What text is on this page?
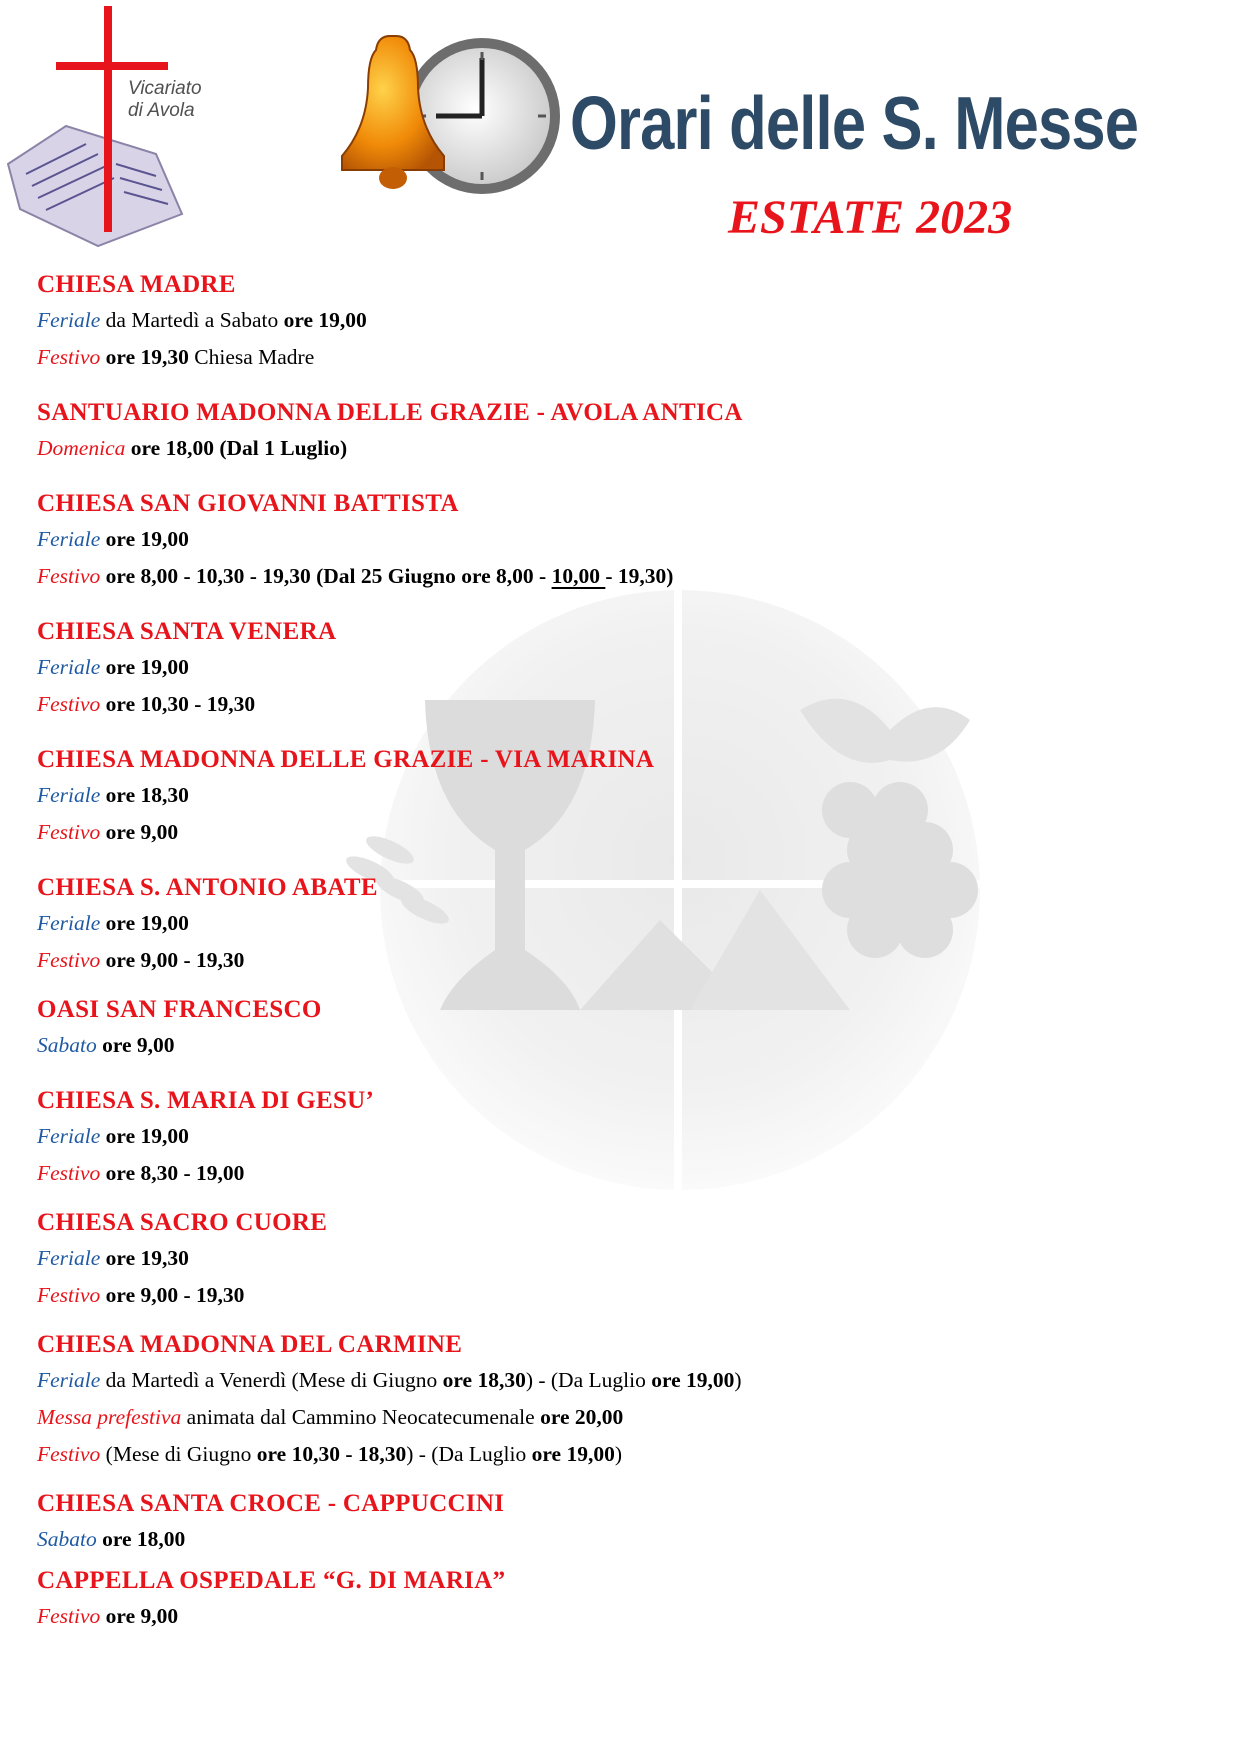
Vicariato
di Avola	Orari delle S. Messe
ESTATE 2023
CHIESA MADRE
Feriale da Martedì a Sabato ore 19,00
Festivo ore 19,30 Chiesa Madre
SANTUARIO MADONNA DELLE GRAZIE - AVOLA ANTICA
Domenica ore 18,00 (Dal 1 Luglio)
CHIESA SAN GIOVANNI BATTISTA
Feriale ore 19,00
Festivo ore 8,00 - 10,30 - 19,30 (Dal 25 Giugno ore 8,00 - 10,00 - 19,30)
CHIESA SANTA VENERA
Feriale ore 19,00
Festivo ore 10,30 - 19,30
CHIESA MADONNA DELLE GRAZIE - VIA MARINA
Feriale ore 18,30
Festivo ore 9,00
CHIESA S. ANTONIO ABATE
Feriale ore 19,00
Festivo ore 9,00 - 19,30
OASI SAN FRANCESCO
Sabato ore 9,00
CHIESA S. MARIA DI GESU’
Feriale ore 19,00
Festivo ore 8,30 - 19,00
CHIESA SACRO CUORE
Feriale ore 19,30
Festivo ore 9,00 - 19,30
CHIESA MADONNA DEL CARMINE
Feriale da Martedì a Venerdì (Mese di Giugno ore 18,30) - (Da Luglio ore 19,00)
Messa prefestiva animata dal Cammino Neocatecumenale ore 20,00
Festivo (Mese di Giugno ore 10,30 - 18,30) - (Da Luglio ore 19,00)
CHIESA SANTA CROCE - CAPPUCCINI
Sabato ore 18,00
CAPPELLA OSPEDALE “G. DI MARIA”
Festivo ore 9,00
